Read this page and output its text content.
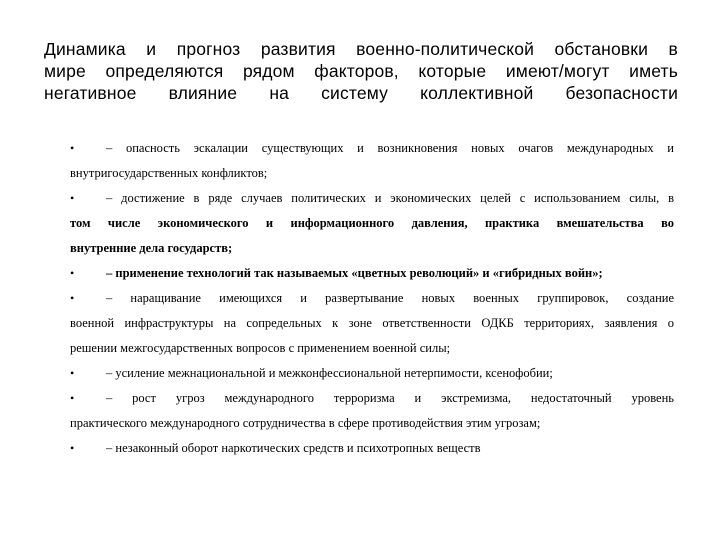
Динамика и прогноз развития военно-политической обстановки в
мире определяются рядом факторов, которые имеют/могут иметь
негативное влияние на систему коллективной безопасности
•	– опасность эскалации существующих и возникновения новых очагов международных и
внутригосударственных конфликтов;
•	– достижение в ряде случаев политических и экономических целей с использованием силы, в
том числе экономического и информационного давления, практика вмешательства во
внутренние дела государств;
•	– применение технологий так называемых «цветных революций» и «гибридных войн»;
•	– наращивание имеющихся и развертывание новых военных группировок, создание
военной инфраструктуры на сопредельных к зоне ответственности ОДКБ территориях, заявления о
решении межгосударственных вопросов с применением военной силы;
•	– усиление межнациональной и межконфессиональной нетерпимости, ксенофобии;
•	– рост угроз международного терроризма и экстремизма, недостаточный уровень
практического международного сотрудничества в сфере противодействия этим угрозам;
•	– незаконный оборот наркотических средств и психотропных веществ
